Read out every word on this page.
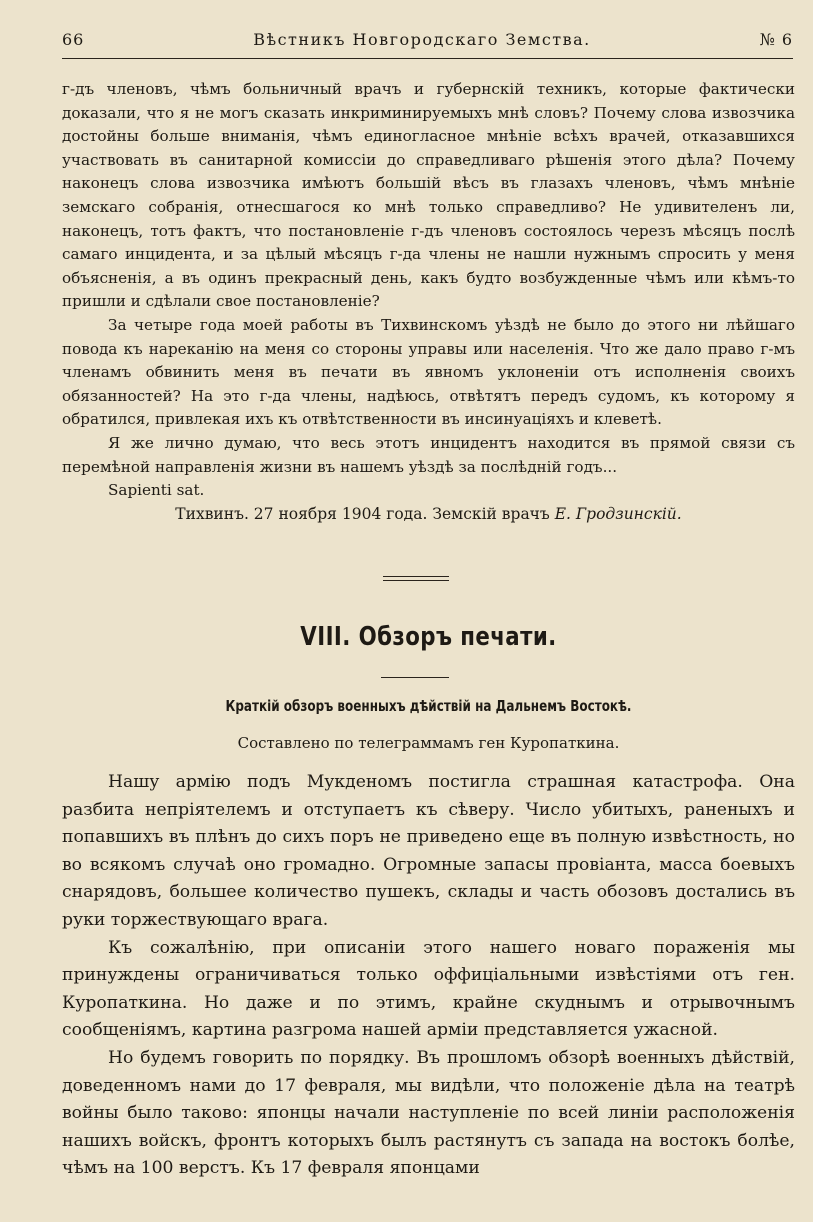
66	Вѣстникъ Новгородскаго Земства.	№ 6

г-дъ членовъ, чѣмъ больничный врачъ и губернскій техникъ, которые фактически доказали, что я не могъ сказать инкриминируемыхъ мнѣ словъ? Почему слова извозчика достойны больше вниманія, чѣмъ единогласное мнѣніе всѣхъ врачей, отказавшихся участвовать въ санитарной комиссіи до справедливаго рѣшенія этого дѣла? Почему наконецъ слова извозчика имѣютъ большій вѣсъ въ глазахъ членовъ, чѣмъ мнѣніе земскаго собранія, отнесшагося ко мнѣ только справедливо? Не удивителенъ ли, наконецъ, тотъ фактъ, что постановленіе г-дъ членовъ состоялось черезъ мѣсяцъ послѣ самаго инцидента, и за цѣлый мѣсяцъ г-да члены не нашли нужнымъ спросить у меня объясненія, а въ одинъ прекрасный день, какъ будто возбужденные чѣмъ или кѣмъ-то пришли и сдѣлали свое постановленіе?

За четыре года моей работы въ Тихвинскомъ уѣздѣ не было до этого ни лѣйшаго повода къ нареканію на меня со стороны управы или населенія. Что же дало право г-мъ членамъ обвинить меня въ печати въ явномъ уклоненіи отъ исполненія своихъ обязанностей? На это г-да члены, надѣюсь, отвѣтятъ передъ судомъ, къ которому я обратился, привлекая ихъ къ отвѣтственности въ инсинуаціяхъ и клеветѣ.

Я же лично думаю, что весь этотъ инцидентъ находится въ прямой связи съ перемѣной направленія жизни въ нашемъ уѣздѣ за послѣдній годъ...

Sapienti sat.

Тихвинъ. 27 ноября 1904 года. Земскій врачъ Е. Гродзинскій.
VIII. Обзоръ печати.
Краткій обзоръ военныхъ дѣйствій на Дальнемъ Востокѣ.
Составлено по телеграммамъ ген Куропаткина.

Нашу армію подъ Мукденомъ постигла страшная катастрофа. Она разбита непріятелемъ и отступаетъ къ сѣверу. Число убитыхъ, раненыхъ и попавшихъ въ плѣнъ до сихъ поръ не приведено еще въ полную извѣстность, но во всякомъ случаѣ оно громадно. Огромные запасы провіанта, масса боевыхъ снарядовъ, большее количество пушекъ, склады и часть обозовъ достались въ руки торжествующаго врага.

Къ сожалѣнію, при описаніи этого нашего новаго пораженія мы принуждены ограничиваться только оффиціальными извѣстіями отъ ген. Куропаткина. Но даже и по этимъ, крайне скуднымъ и отрывочнымъ сообщеніямъ, картина разгрома нашей арміи представляется ужасной.

Но будемъ говорить по порядку. Въ прошломъ обзорѣ военныхъ дѣйствій, доведенномъ нами до 17 февраля, мы видѣли, что положеніе дѣла на театрѣ войны было таково: японцы начали наступленіе по всей линіи расположенія нашихъ войскъ, фронтъ которыхъ былъ растянутъ съ запада на востокъ болѣе, чѣмъ на 100 верстъ. Къ 17 февраля японцами
